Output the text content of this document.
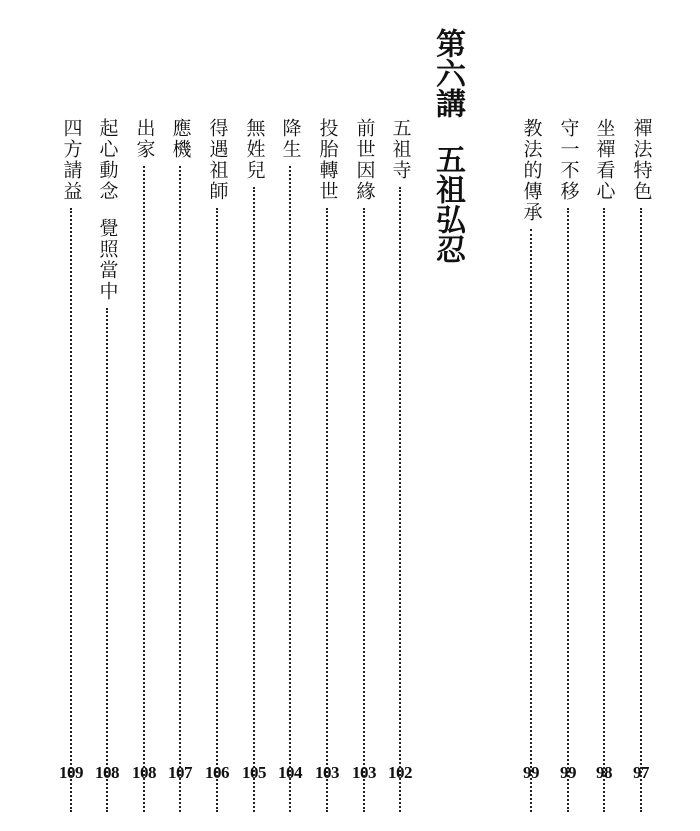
禪法特色
97
坐禪看心
98
守一不移
99
教法的傳承
99
第六講五祖弘忍
五祖寺
102
前世因緣
103
投胎轉世
103
降生
104
無姓兒
105
得遇祖師
106
應機
107
出家
108
起心動念
覺照當中
108
四方請益
109
